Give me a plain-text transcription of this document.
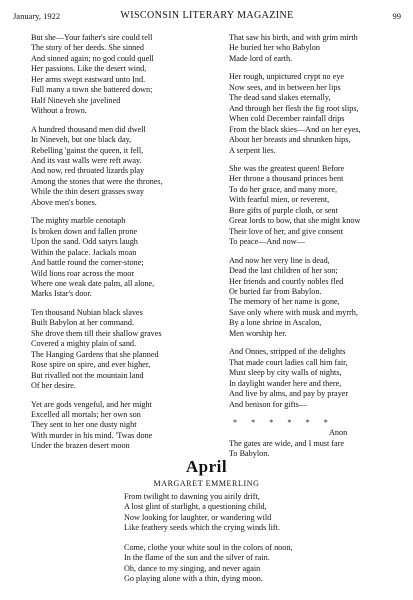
January, 1922	WISCONSIN LITERARY MAGAZINE	99
But she—Your father's sire could tell
The story of her deeds. She sinned
And sinned again; no god could quell
Her passions. Like the desert wind,
Her arms swept eastward unto Ind.
Full many a town she battered down;
Half Nineveh she javelined
Without a frown.
A hundred thousand men did dwell
In Nineveh, but one black day,
Rebelling 'gainst the queen, it fell,
And its vast walls were reft away.
And now, red throated lizards play
Among the stones that were the thrones,
While the thin desert grasses sway
Above men's bones.
The mighty marble cenotaph
Is broken down and fallen prone
Upon the sand. Odd satyrs laugh
Within the palace. Jackals moan
And battle round the corner-stone;
Wild lions roar across the moor
Where one weak date palm, all alone,
Marks Istar's door.
Ten thousand Nubian black slaves
Built Babylon at her command.
She drove them till their shallow graves
Covered a mighty plain of sand.
The Hanging Gardens that she planned
Rose spire on spire, and ever higher,
But rivalled not the mountain land
Of her desire.
Yet are gods vengeful, and her might
Excelled all mortals; her own son
They sent to her one dusty night
With murder in his mind. 'Twas done
Under the brazen desert moon
That saw his birth, and with grim mirth
He buried her who Babylon
Made lord of earth.
Her rough, unpictured crypt no eye
Now sees, and in between her lips
The dead sand slakes eternally,
And through her flesh the fig root slips,
When cold December rainfall drips
From the black skies—And on her eyes,
About her breasts and shrunken hips,
A serpent lies.
She was the greatest queen! Before
Her throne a thousand princes bent
To do her grace, and many more,
With fearful mien, or reverent,
Bore gifts of purple cloth, or sent
Great lords to bow, that she might know
Their love of her, and give consent
To peace—And now—
And now her very line is dead,
Dead the last children of her son;
Her friends and courtly nobles fled
Or buried far from Babylon.
The memory of her name is gone,
Save only where with musk and myrrh,
By a lone shrine in Ascalon,
Men worship her.
And Onnes, stripped of the delights
That made court ladies call him fair,
Must sleep by city walls of nights,
In daylight wander here and there,
And live by alms, and pay by prayer
And benison for gifts—
* * * * * *
Anon
The gates are wide, and I must fare
To Babylon.
April
MARGARET EMMERLING
From twilight to dawning you airily drift,
A lost glint of starlight, a questioning child,
Now looking for laughter, or wandering wild
Like feathery seeds which the crying winds lift.
Come, clothe your white soul in the colors of noon,
In the flame of the sun and the silver of rain.
Oh, dance to my singing, and never again
Go playing alone with a thin, dying moon.
